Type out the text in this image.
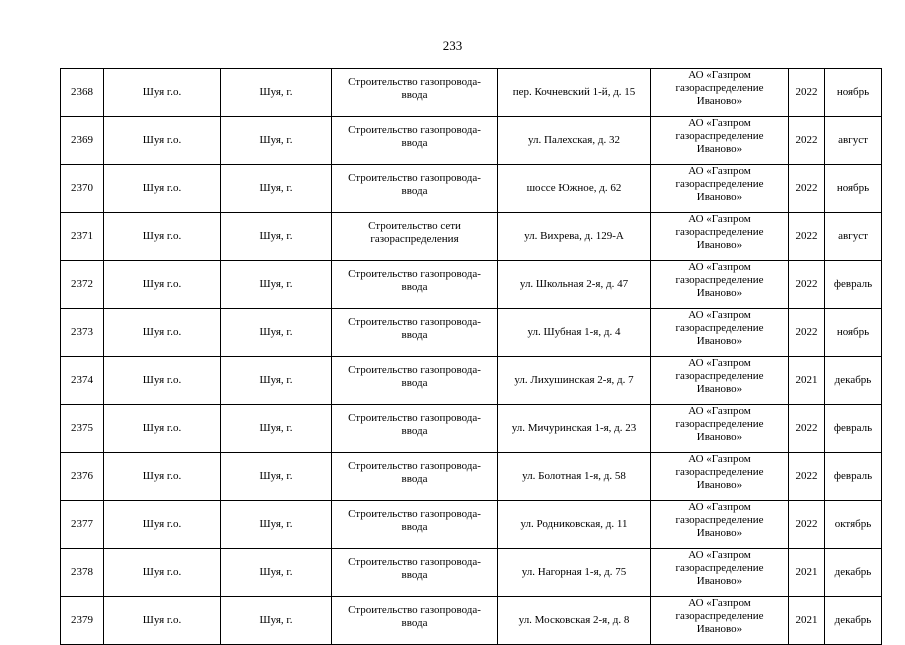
233
2368	Шуя г.о.	Шуя, г.	Строительство газопровода-
ввода	пер. Кочневский 1-й, д. 15	АО «Газпром
газораспределение
Иваново»	2022	ноябрь
2369	Шуя г.о.	Шуя, г.	Строительство газопровода-
ввода	ул. Палехская, д. 32	АО «Газпром
газораспределение
Иваново»	2022	август
2370	Шуя г.о.	Шуя, г.	Строительство газопровода-
ввода	шоссе Южное, д. 62	АО «Газпром
газораспределение
Иваново»	2022	ноябрь
2371	Шуя г.о.	Шуя, г.	Строительство сети
газораспределения	ул. Вихрева, д. 129-А	АО «Газпром
газораспределение
Иваново»	2022	август
2372	Шуя г.о.	Шуя, г.	Строительство газопровода-
ввода	ул. Школьная 2-я, д. 47	АО «Газпром
газораспределение
Иваново»	2022	февраль
2373	Шуя г.о.	Шуя, г.	Строительство газопровода-
ввода	ул. Шубная 1-я, д. 4	АО «Газпром
газораспределение
Иваново»	2022	ноябрь
2374	Шуя г.о.	Шуя, г.	Строительство газопровода-
ввода	ул. Лихушинская 2-я, д. 7	АО «Газпром
газораспределение
Иваново»	2021	декабрь
2375	Шуя г.о.	Шуя, г.	Строительство газопровода-
ввода	ул. Мичуринская 1-я, д. 23	АО «Газпром
газораспределение
Иваново»	2022	февраль
2376	Шуя г.о.	Шуя, г.	Строительство газопровода-
ввода	ул. Болотная 1-я, д. 58	АО «Газпром
газораспределение
Иваново»	2022	февраль
2377	Шуя г.о.	Шуя, г.	Строительство газопровода-
ввода	ул. Родниковская, д. 11	АО «Газпром
газораспределение
Иваново»	2022	октябрь
2378	Шуя г.о.	Шуя, г.	Строительство газопровода-
ввода	ул. Нагорная 1-я, д. 75	АО «Газпром
газораспределение
Иваново»	2021	декабрь
2379	Шуя г.о.	Шуя, г.	Строительство газопровода-
ввода	ул. Московская 2-я, д. 8	АО «Газпром
газораспределение
Иваново»	2021	декабрь
